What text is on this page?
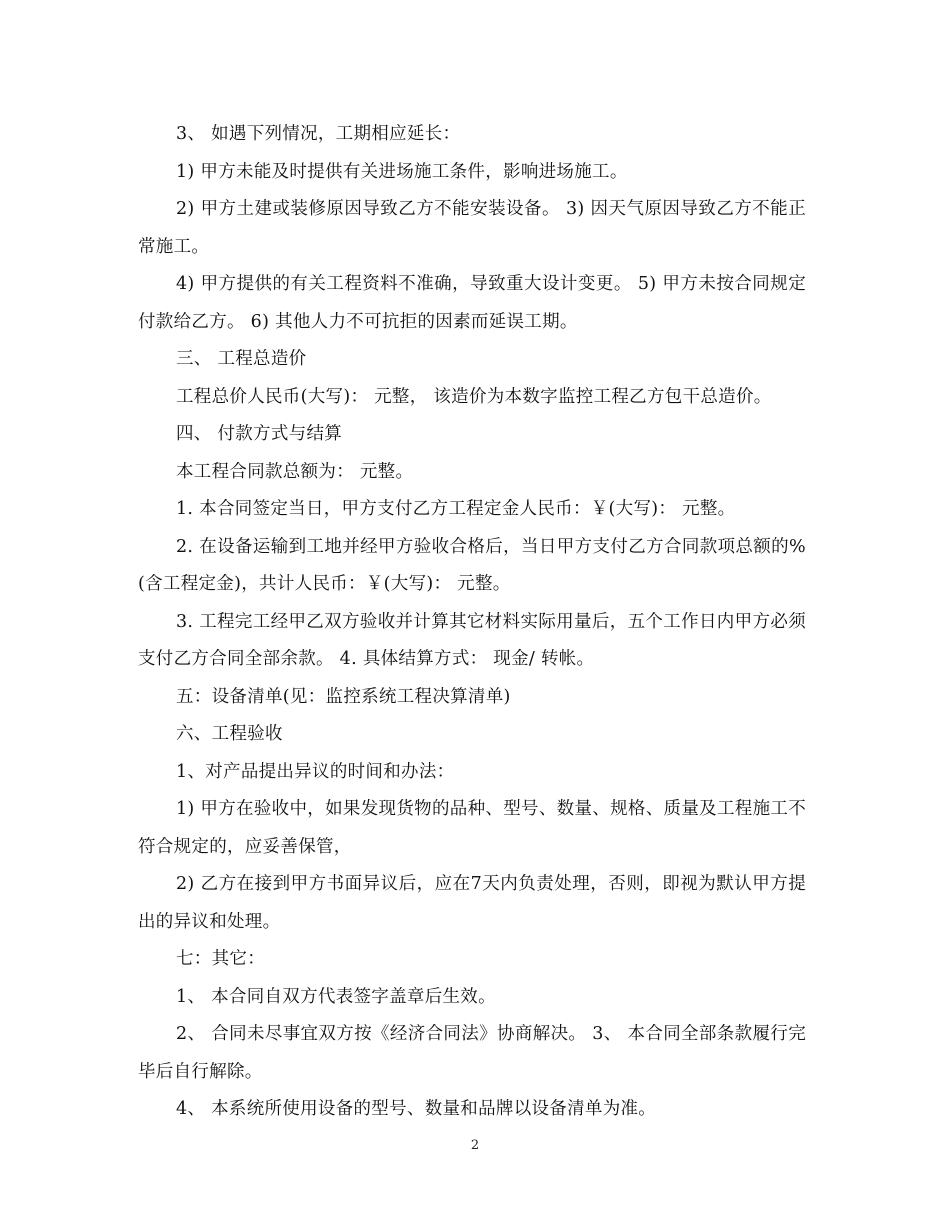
3、 如遇下列情况，工期相应延长：

1) 甲方未能及时提供有关进场施工条件，影响进场施工。

2) 甲方土建或装修原因导致乙方不能安装设备。 3) 因天气原因导致乙方不能正常施工。

4) 甲方提供的有关工程资料不准确，导致重大设计变更。 5) 甲方未按合同规定付款给乙方。 6) 其他人力不可抗拒的因素而延误工期。

三、 工程总造价

工程总价人民币(大写)： 元整， 该造价为本数字监控工程乙方包干总造价。

四、 付款方式与结算

本工程合同款总额为： 元整。

1. 本合同签定当日，甲方支付乙方工程定金人民币：￥(大写)： 元整。

2. 在设备运输到工地并经甲方验收合格后，当日甲方支付乙方合同款项总额的%(含工程定金)，共计人民币：￥(大写)： 元整。

3. 工程完工经甲乙双方验收并计算其它材料实际用量后，五个工作日内甲方必须支付乙方合同全部余款。 4. 具体结算方式： 现金/ 转帐。

五：设备清单(见：监控系统工程决算清单)

六、工程验收

1、对产品提出异议的时间和办法：

1) 甲方在验收中，如果发现货物的品种、型号、数量、规格、质量及工程施工不符合规定的，应妥善保管，

2) 乙方在接到甲方书面异议后，应在7天内负责处理，否则，即视为默认甲方提出的异议和处理。

七：其它：

1、 本合同自双方代表签字盖章后生效。

2、 合同未尽事宜双方按《经济合同法》协商解决。 3、 本合同全部条款履行完毕后自行解除。

4、 本系统所使用设备的型号、数量和品牌以设备清单为准。

2
